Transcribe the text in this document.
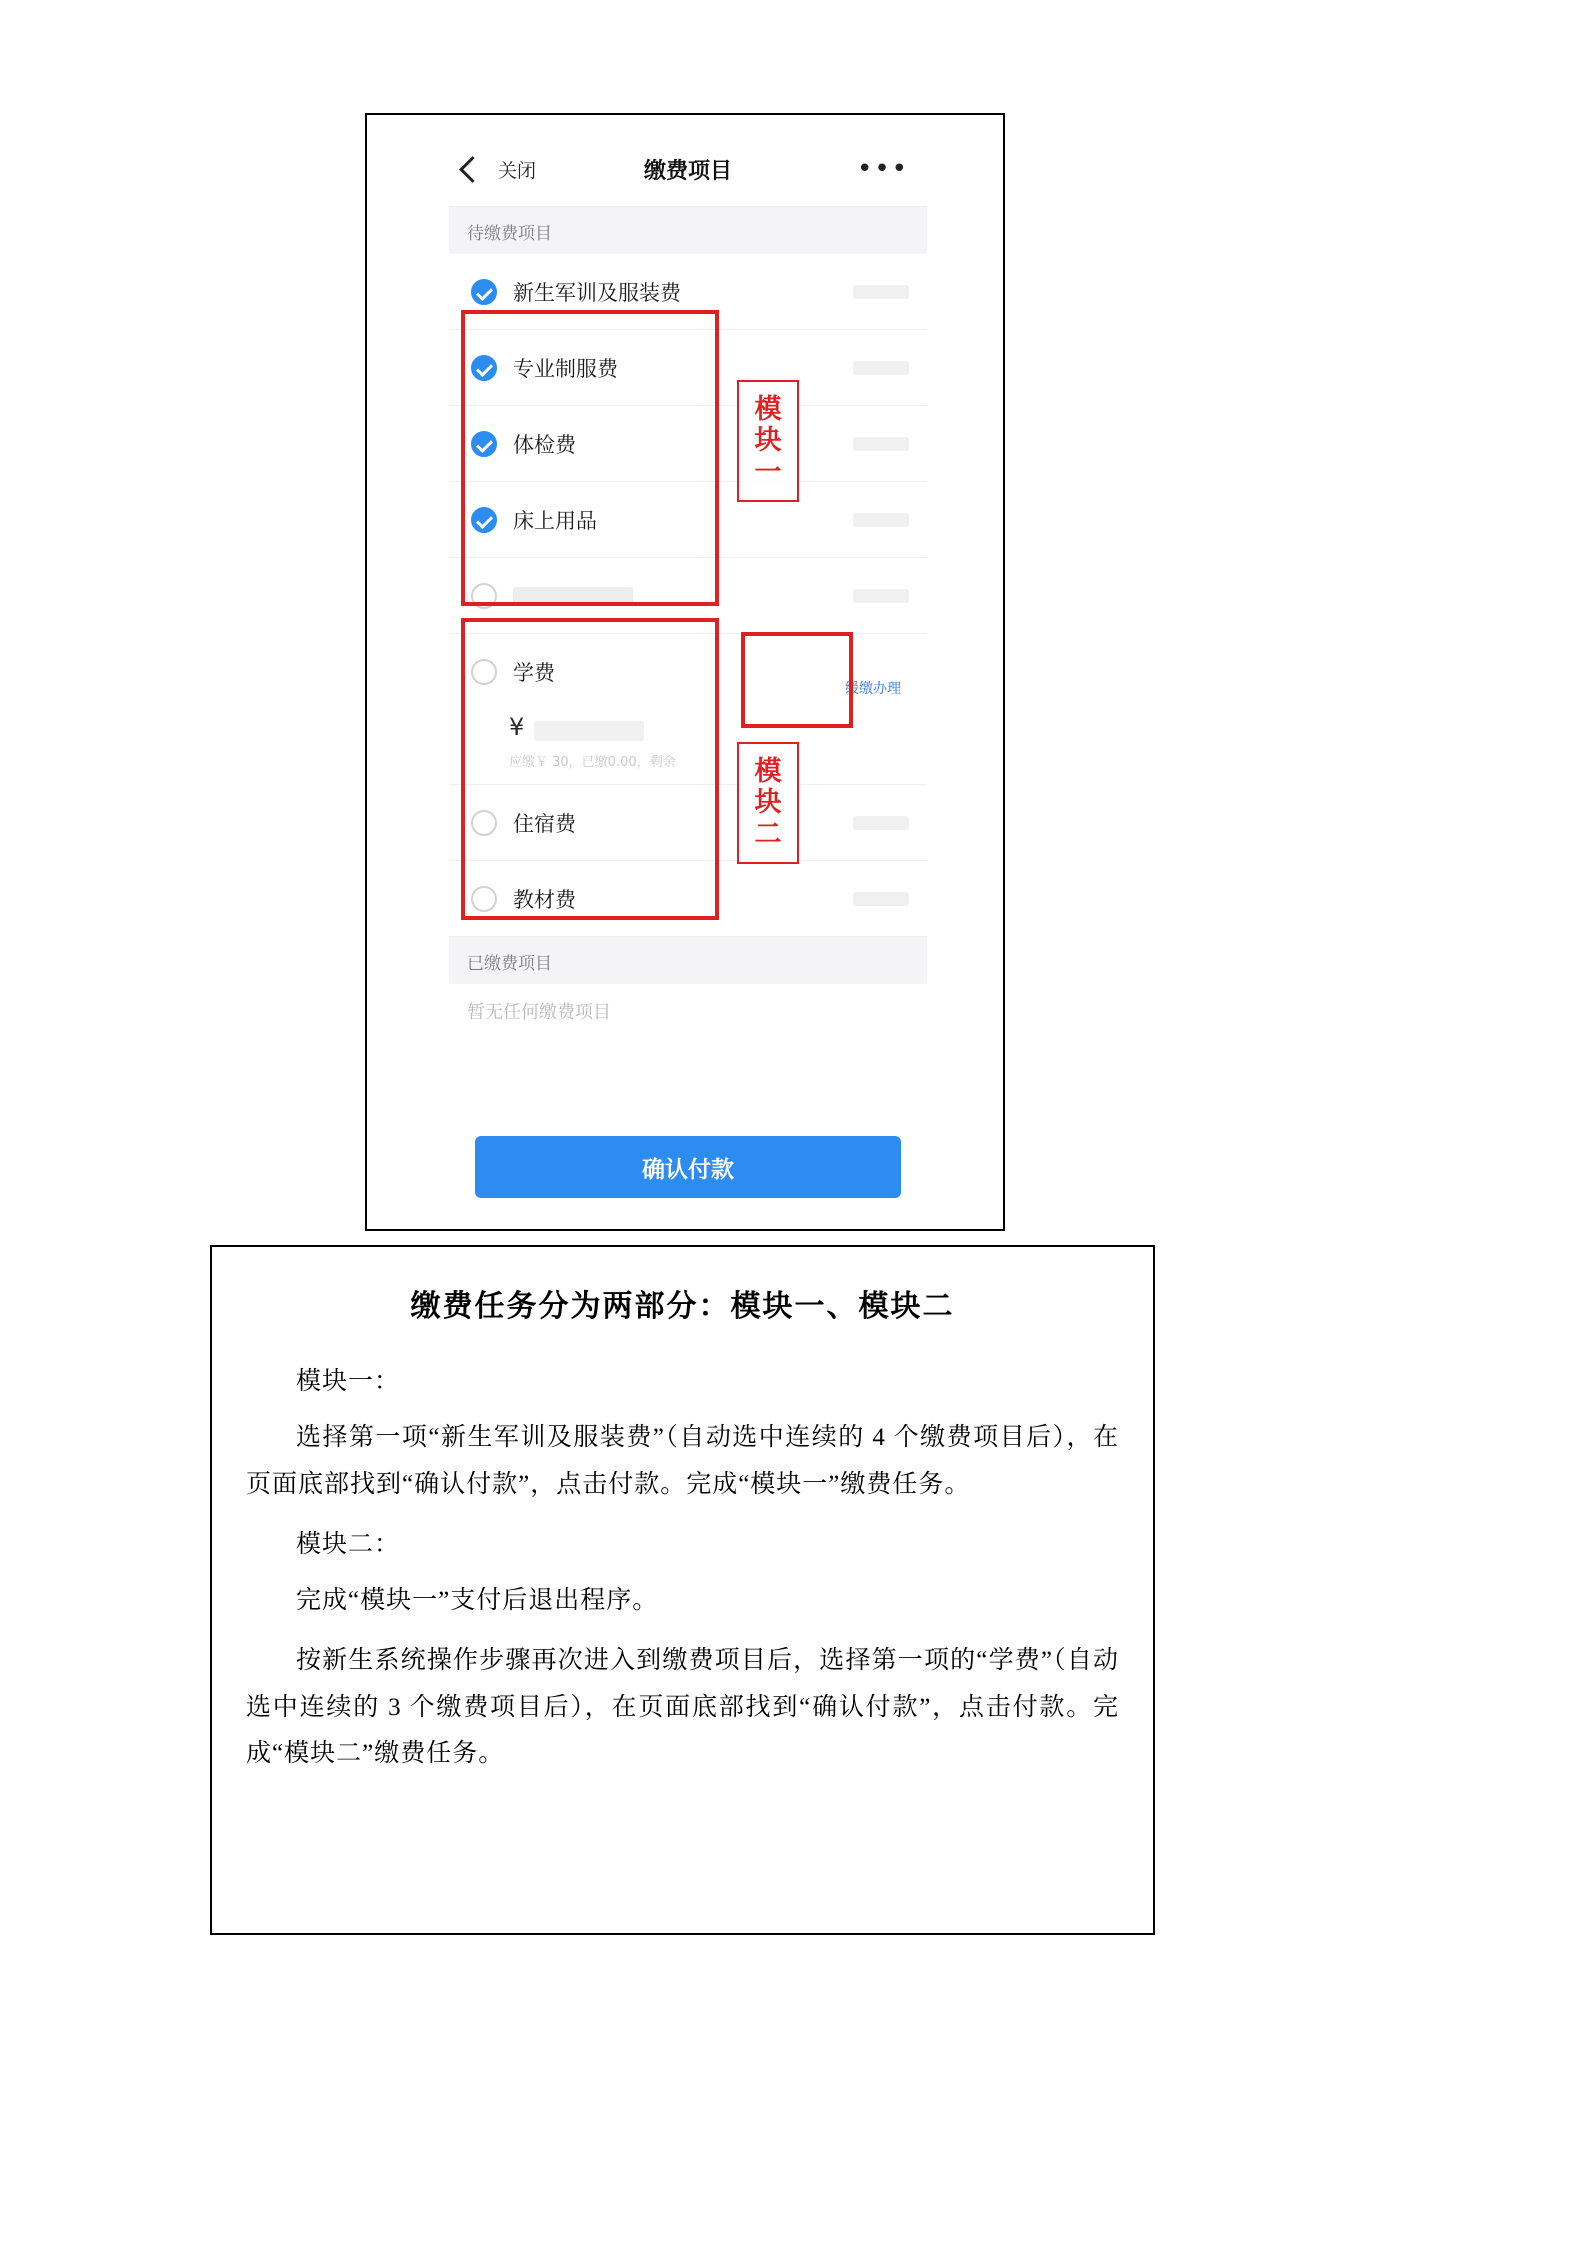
关闭	缴费项目	•••
待缴费项目
新生军训及服装费
专业制服费
体检费
床上用品
学费
缓缴办理
¥
应缴￥ 30，已缴0.00，剩余
住宿费
教材费
已缴费项目
暂无任何缴费项目
确认付款
模
块
一
模
块
二
缴费任务分为两部分：模块一、模块二

模块一：

选择第一项“新生军训及服装费”（自动选中连续的 4 个缴费项目后），在页面底部找到“确认付款”，点击付款。完成“模块一”缴费任务。

模块二：

完成“模块一”支付后退出程序。

按新生系统操作步骤再次进入到缴费项目后，选择第一项的“学费”（自动选中连续的 3 个缴费项目后），在页面底部找到“确认付款”，点击付款。完成“模块二”缴费任务。
